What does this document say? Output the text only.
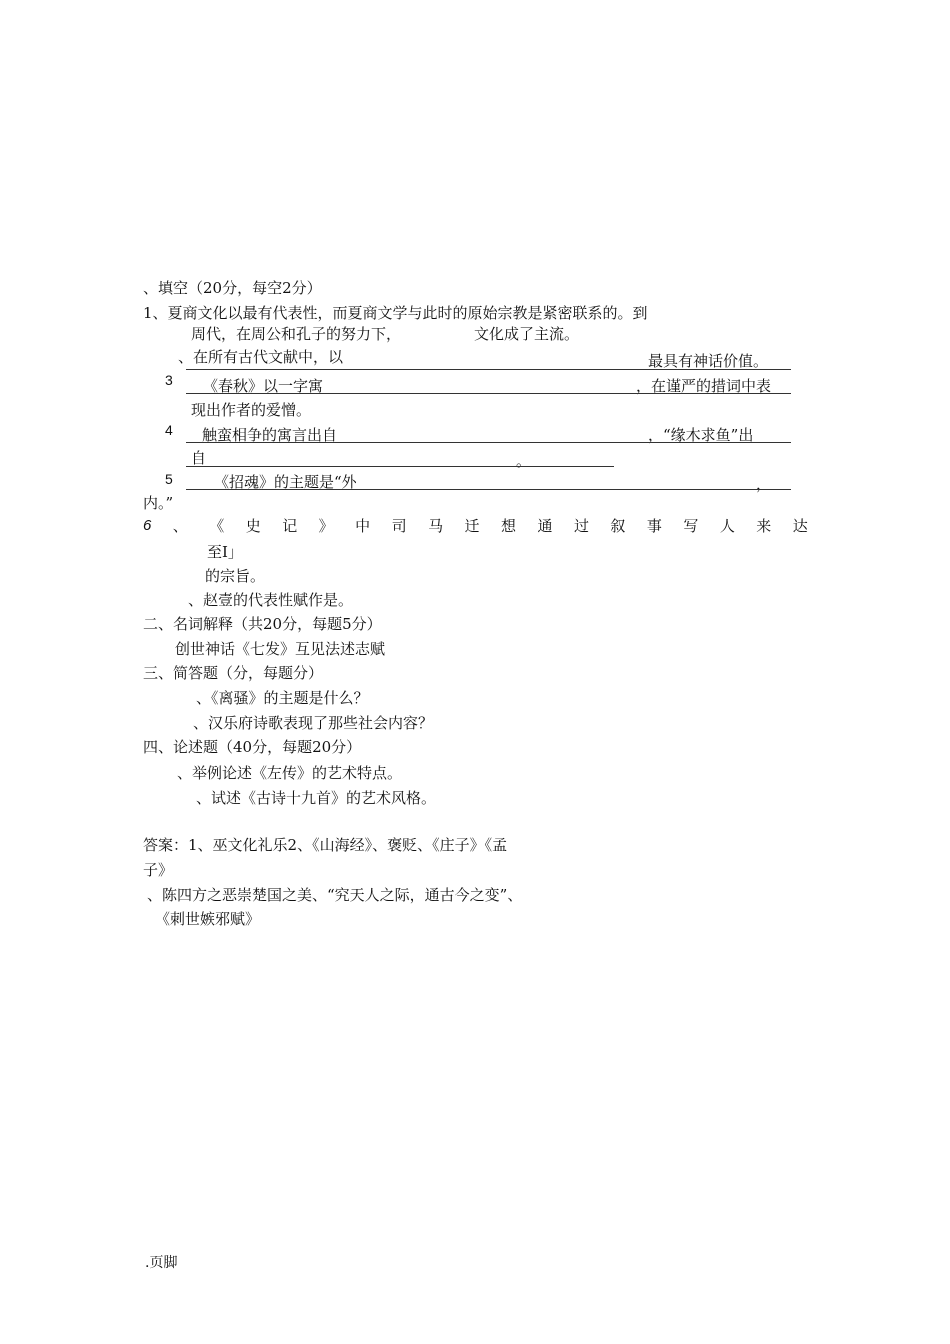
、填空（20分，每空2分）
1、夏商文化以最有代表性，而夏商文学与此时的原始宗教是紧密联系的。到
周代，在周公和孔子的努力下，	文化成了主流。
、在所有古代文献中，以	最具有神话价值。
3 《春秋》以一字寓	，在谨严的措词中表
现出作者的爱憎。
4 触蛮相争的寓言出自	，“缘木求鱼”出
自	。
5	《招魂》的主题是“外	，
内。”
6 、 《 史 记 》 中 司 马 迁 想 通 过 叙 事 写 人 来 达
至I」
的宗旨。
、赵壹的代表性赋作是。
二、名词解释（共20分，每题5分）
创世神话《七发》互见法述志赋
三、简答题（分，每题分）
、《离骚》的主题是什么？
、汉乐府诗歌表现了那些社会内容？
四、论述题（40分，每题20分）
、举例论述《左传》的艺术特点。
、试述《古诗十九首》的艺术风格。
答案：1、巫文化礼乐2、《山海经》、褒贬、《庄子》《孟
子》
、陈四方之恶崇楚国之美、“究天人之际，通古今之变”、
《刺世嫉邪赋》
.页脚
